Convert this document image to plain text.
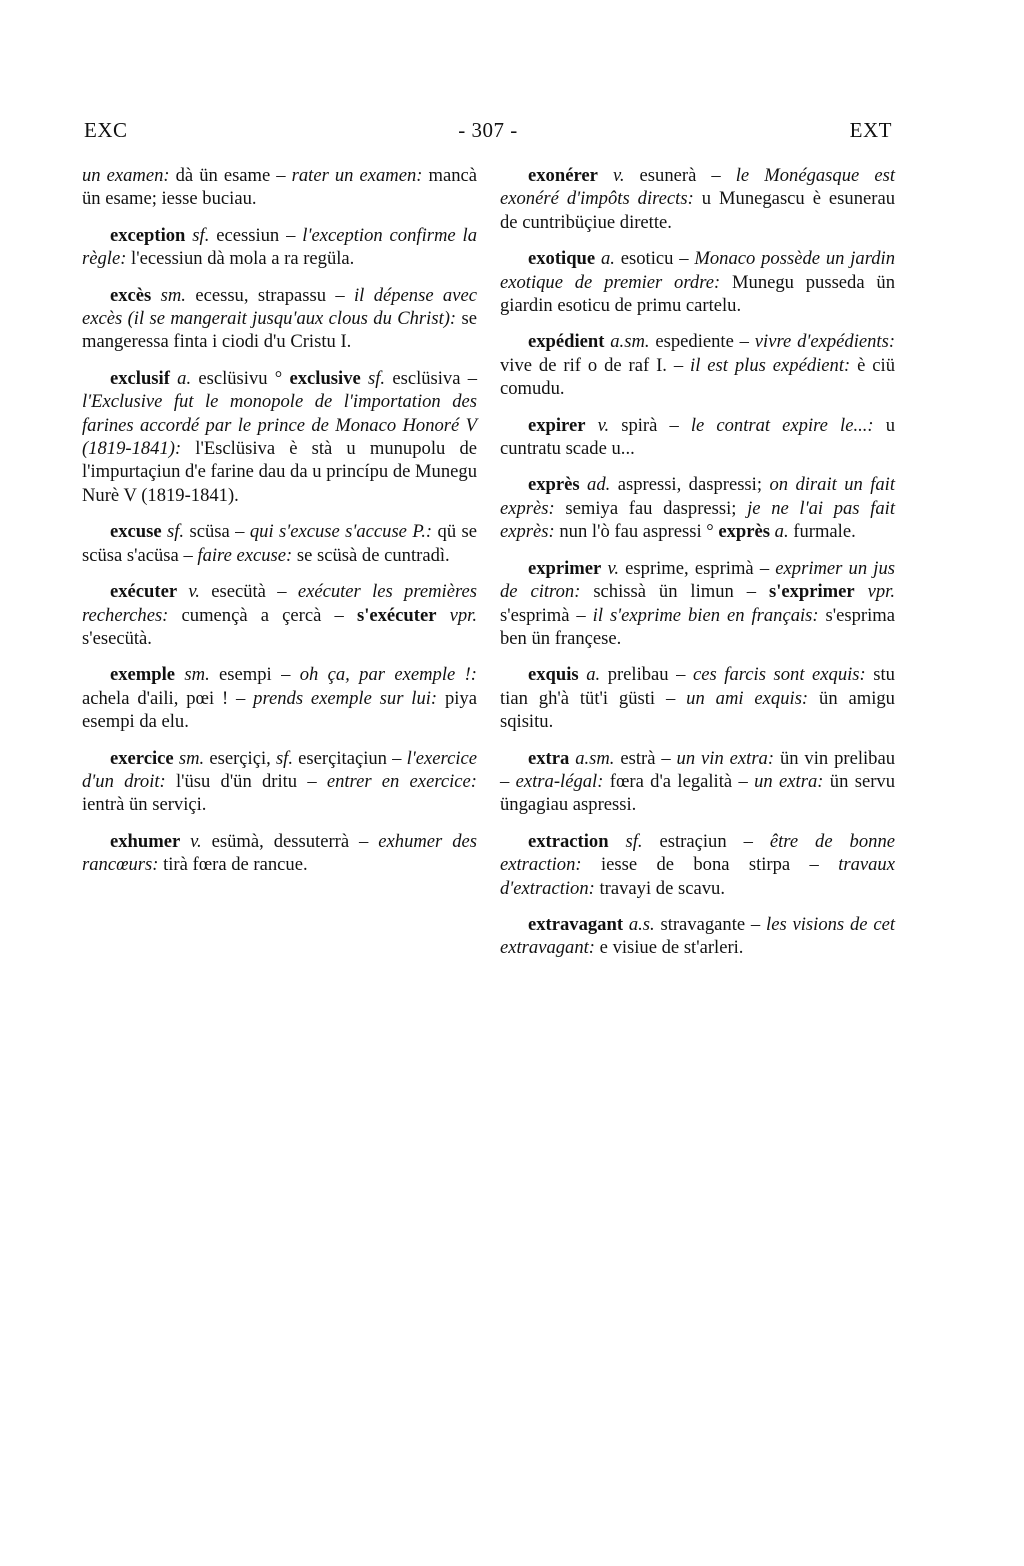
EXC	- 307 -	EXT

un examen: dà ün esame – rater un examen: mancà ün esame; iesse buciau.

exception sf. ecessiun – l'exception confirme la règle: l'ecessiun dà mola a ra regüla.

excès sm. ecessu, strapassu – il dépense avec excès (il se mangerait jusqu'aux clous du Christ): se mangeressa finta i ciodi d'u Cristu I.

exclusif a. esclüsivu ° exclusive sf. esclüsiva – l'Exclusive fut le monopole de l'importation des farines accordé par le prince de Monaco Honoré V (1819-1841): l'Esclüsiva è stà u munupolu de l'impurtaçiun d'e farine dau da u princípu de Munegu Nurè V (1819-1841).

excuse sf. scüsa – qui s'excuse s'accuse P.: qü se scüsa s'acüsa – faire excuse: se scüsà de cuntradì.

exécuter v. esecütà – exécuter les premières recherches: cumençà a çercà – s'exécuter vpr. s'esecütà.

exemple sm. esempi – oh ça, par exemple !: achela d'aili, pœi ! – prends exemple sur lui: piya esempi da elu.

exercice sm. eserçiçi, sf. eserçitaçiun – l'exercice d'un droit: l'üsu d'ün dritu – entrer en exercice: ientrà ün serviçi.

exhumer v. esümà, dessuterrà – exhumer des rancœurs: tirà fœra de rancue.

exonérer v. esunerà – le Monégasque est exonéré d'impôts directs: u Munegascu è esunerau de cuntribüçiue dirette.

exotique a. esoticu – Monaco possède un jardin exotique de premier ordre: Munegu pusseda ün giardin esoticu de primu cartelu.

expédient a.sm. espediente – vivre d'expédients: vive de rif o de raf I. – il est plus expédient: è ciü comudu.

expirer v. spirà – le contrat expire le...: u cuntratu scade u...

exprès ad. aspressi, daspressi; on dirait un fait exprès: semiya fau daspressi; je ne l'ai pas fait exprès: nun l'ò fau aspressi ° exprès a. furmale.

exprimer v. esprime, esprimà – exprimer un jus de citron: schissà ün limun – s'exprimer vpr. s'esprimà – il s'exprime bien en français: s'esprima ben ün françese.

exquis a. prelibau – ces farcis sont exquis: stu tian gh'à tüt'i güsti – un ami exquis: ün amigu sqisitu.

extra a.sm. estrà – un vin extra: ün vin prelibau – extra-légal: fœra d'a legalità – un extra: ün servu üngagiau aspressi.

extraction sf. estraçiun – être de bonne extraction: iesse de bona stirpa – travaux d'extraction: travayi de scavu.

extravagant a.s. stravagante – les visions de cet extravagant: e visiue de st'arleri.
